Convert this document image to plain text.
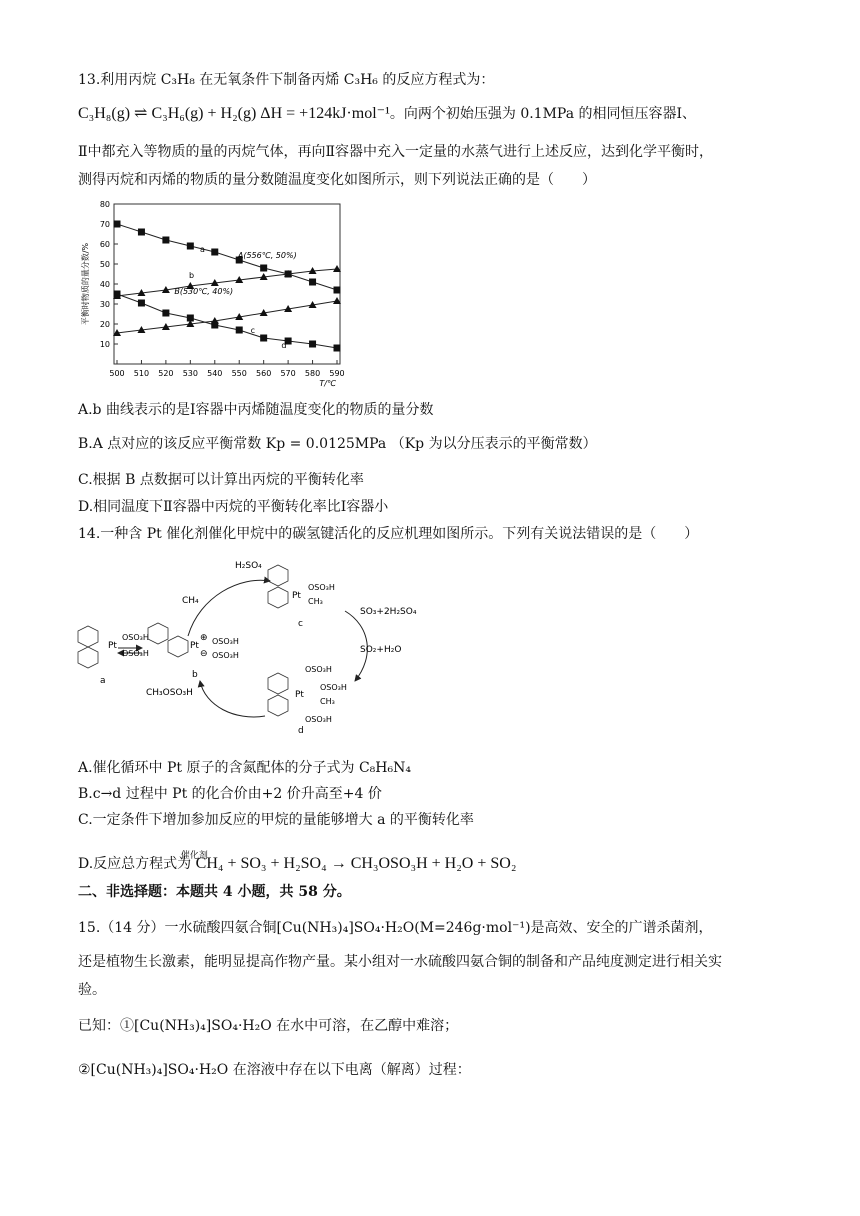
13.利用丙烷 C₃H₈ 在无氧条件下制备丙烯 C₃H₆ 的反应方程式为：
C₃H₈(g) ⇌ C₃H₆(g) + H₂(g) ΔH = +124kJ·mol⁻¹。向两个初始压强为 0.1MPa 的相同恒压容器Ⅰ、
Ⅱ中都充入等物质的量的丙烷气体，再向Ⅱ容器中充入一定量的水蒸气进行上述反应，达到化学平衡时，
测得丙烷和丙烯的物质的量分数随温度变化如图所示，则下列说法正确的是（　　）
10
20
30
40
50
60
70
80
500 510 520 530 540 550 560 570 580 590
T/℃
平衡时物质的量分数/%	a
b
c
d
A(556℃, 50%)
B(530℃, 40%)
A.b 曲线表示的是Ⅰ容器中丙烯随温度变化的物质的量分数
B.A 点对应的该反应平衡常数 Kp = 0.0125MPa （Kp 为以分压表示的平衡常数）
C.根据 B 点数据可以计算出丙烷的平衡转化率
D.相同温度下Ⅱ容器中丙烷的平衡转化率比Ⅰ容器小
14.一种含 Pt 催化剂催化甲烷中的碳氢键活化的反应机理如图所示。下列有关说法错误的是（　　）
H₂SO₄
CH₄
SO₃+2H₂SO₄
SO₂+H₂O
CH₃OSO₃H
Pt
OSO₃H
OSO₃H
a
Pt
⊕
⊖
OSO₃H
OSO₃H
b
Pt
OSO₃H
CH₃
c
OSO₃H
Pt
OSO₃H
CH₃
OSO₃H
d
A.催化循环中 Pt 原子的含氮配体的分子式为 C₈H₆N₄
B.c→d 过程中 Pt 的化合价由+2 价升高至+4 价
C.一定条件下增加参加反应的甲烷的量能够增大 a 的平衡转化率
D.反应总方程式为 CH₄ + SO₃ + H₂SO₄ → CH₃OSO₃H + H₂O + SO₂ $^{催化剂}$
二、非选择题：本题共 4 小题，共 58 分。
15.（14 分）一水硫酸四氨合铜[Cu(NH₃)₄]SO₄·H₂O(M=246g·mol⁻¹)是高效、安全的广谱杀菌剂，
还是植物生长激素，能明显提高作物产量。某小组对一水硫酸四氨合铜的制备和产品纯度测定进行相关实
验。
已知：①[Cu(NH₃)₄]SO₄·H₂O 在水中可溶，在乙醇中难溶；
②[Cu(NH₃)₄]SO₄·H₂O 在溶液中存在以下电离（解离）过程：
